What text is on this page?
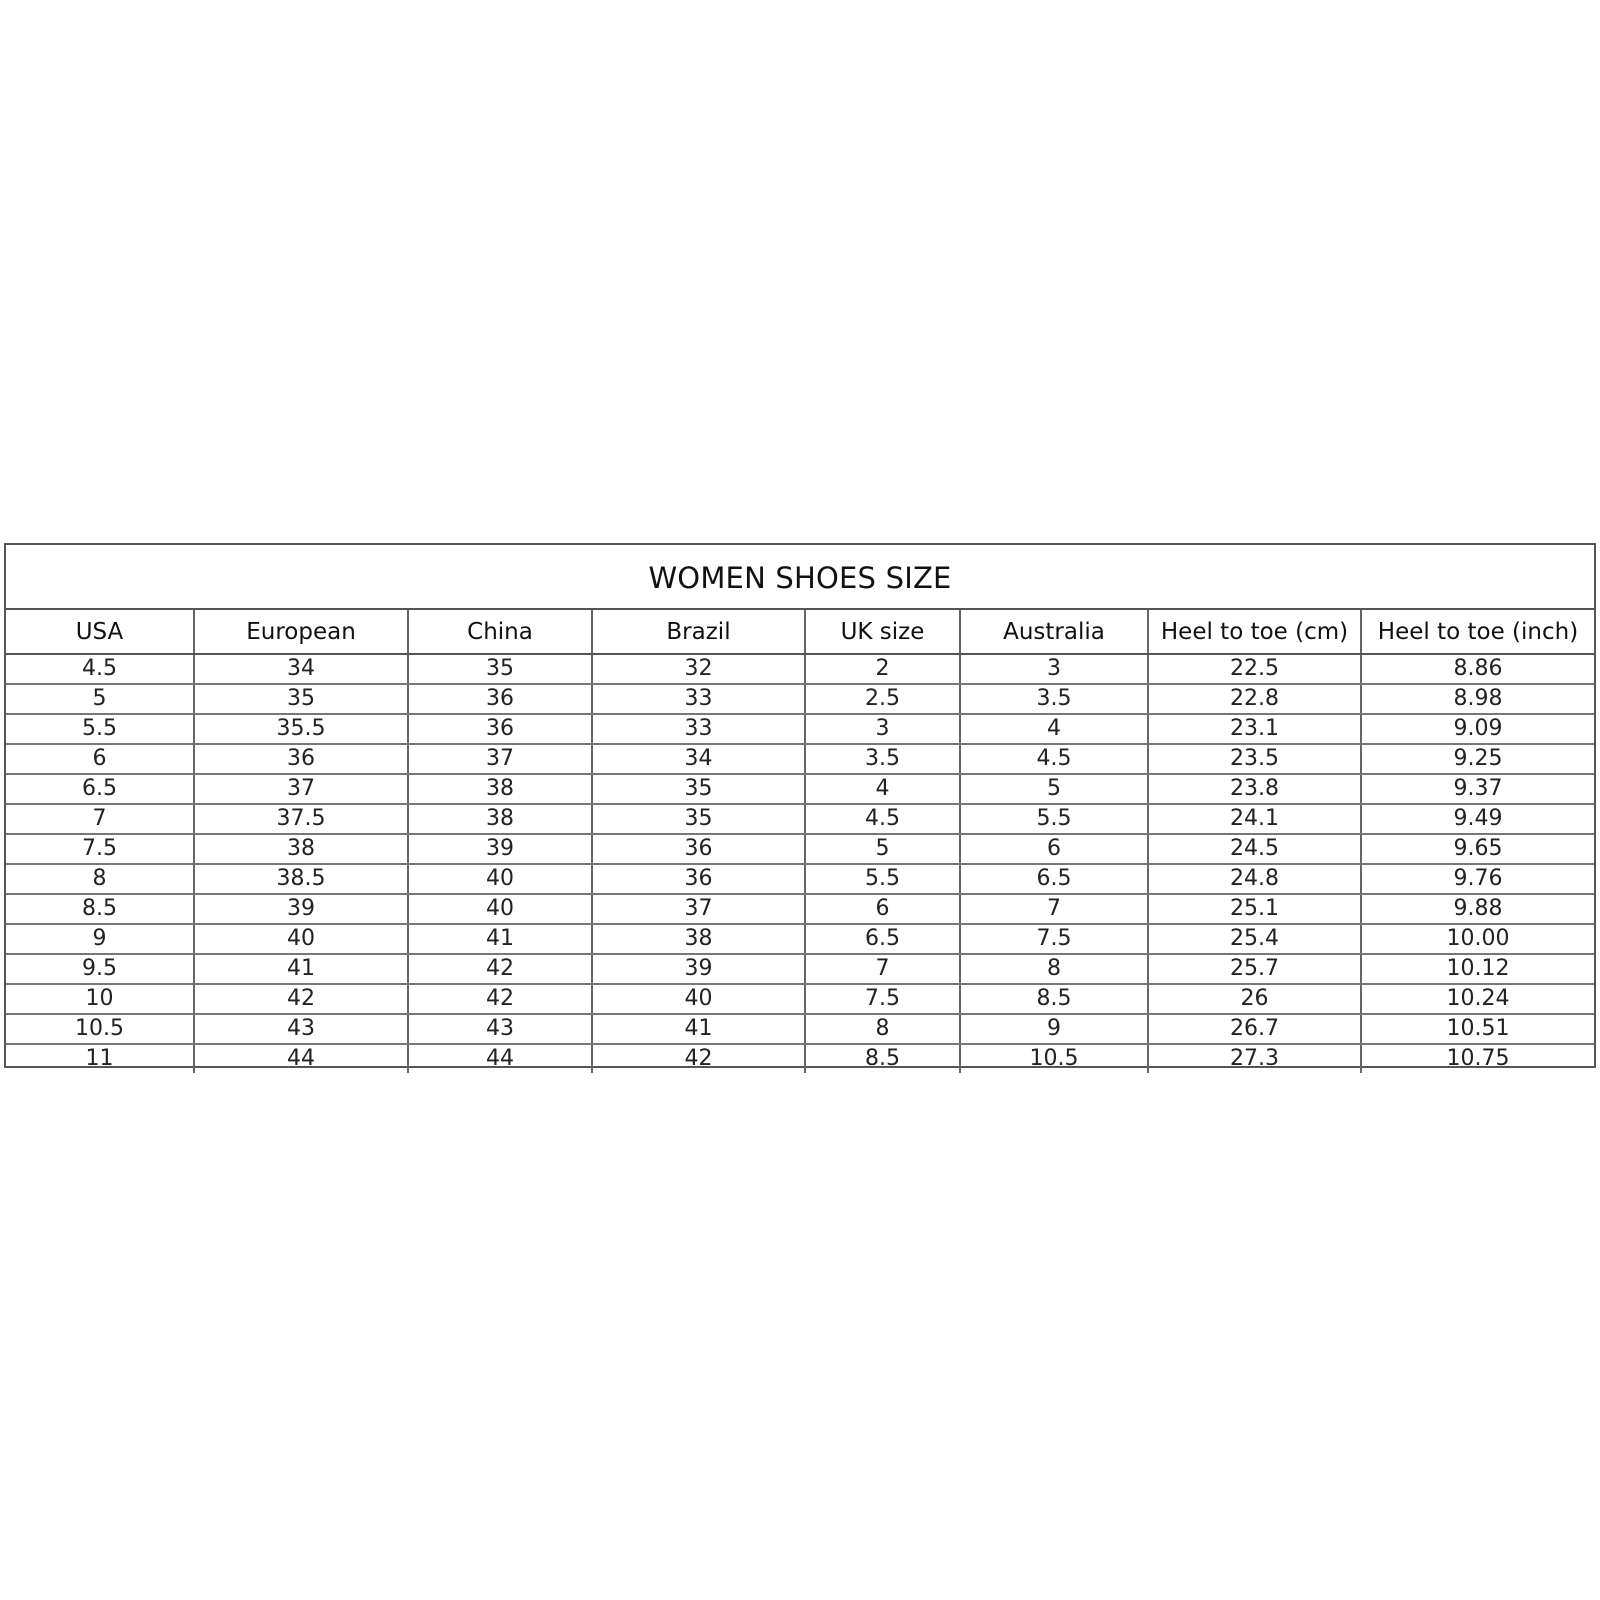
WOMEN SHOES SIZE
USA	European	China	Brazil	UK size	Australia	Heel to toe (cm)	Heel to toe (inch)
4.5	34	35	32	2	3	22.5	8.86
5	35	36	33	2.5	3.5	22.8	8.98
5.5	35.5	36	33	3	4	23.1	9.09
6	36	37	34	3.5	4.5	23.5	9.25
6.5	37	38	35	4	5	23.8	9.37
7	37.5	38	35	4.5	5.5	24.1	9.49
7.5	38	39	36	5	6	24.5	9.65
8	38.5	40	36	5.5	6.5	24.8	9.76
8.5	39	40	37	6	7	25.1	9.88
9	40	41	38	6.5	7.5	25.4	10.00
9.5	41	42	39	7	8	25.7	10.12
10	42	42	40	7.5	8.5	26	10.24
10.5	43	43	41	8	9	26.7	10.51
11	44	44	42	8.5	10.5	27.3	10.75
